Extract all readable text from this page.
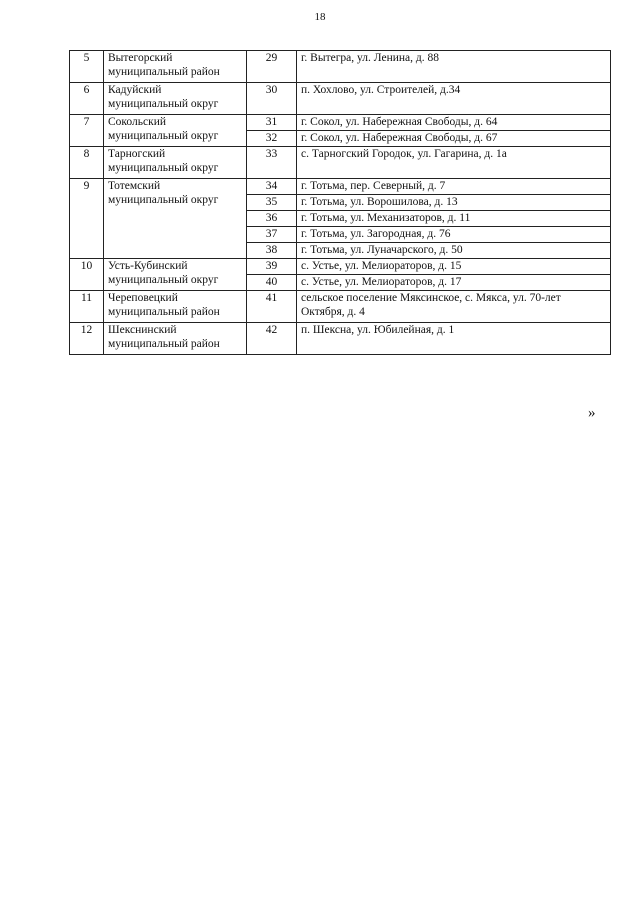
18
5	Вытегорский муниципальный район	29	г. Вытегра, ул. Ленина, д. 88
6	Кадуйский муниципальный округ	30	п. Хохлово, ул. Строителей, д.34
7	Сокольский муниципальный округ	31	г. Сокол, ул. Набережная Свободы, д. 64
		32	г. Сокол, ул. Набережная Свободы, д. 67
8	Тарногский муниципальный округ	33	с. Тарногский Городок, ул. Гагарина, д. 1а
9	Тотемский муниципальный округ	34	г. Тотьма, пер. Северный, д. 7
		35	г. Тотьма, ул. Ворошилова, д. 13
		36	г. Тотьма, ул. Механизаторов, д. 11
		37	г. Тотьма, ул. Загородная, д. 76
		38	г. Тотьма, ул. Луначарского, д. 50
10	Усть-Кубинский муниципальный округ	39	с. Устье, ул. Мелиораторов, д. 15
		40	с. Устье, ул. Мелиораторов, д. 17
11	Череповецкий муниципальный район	41	сельское поселение Мяксинское, с. Мякса, ул. 70-лет Октября, д. 4
12	Шекснинский муниципальный район	42	п. Шексна, ул. Юбилейная, д. 1
»
